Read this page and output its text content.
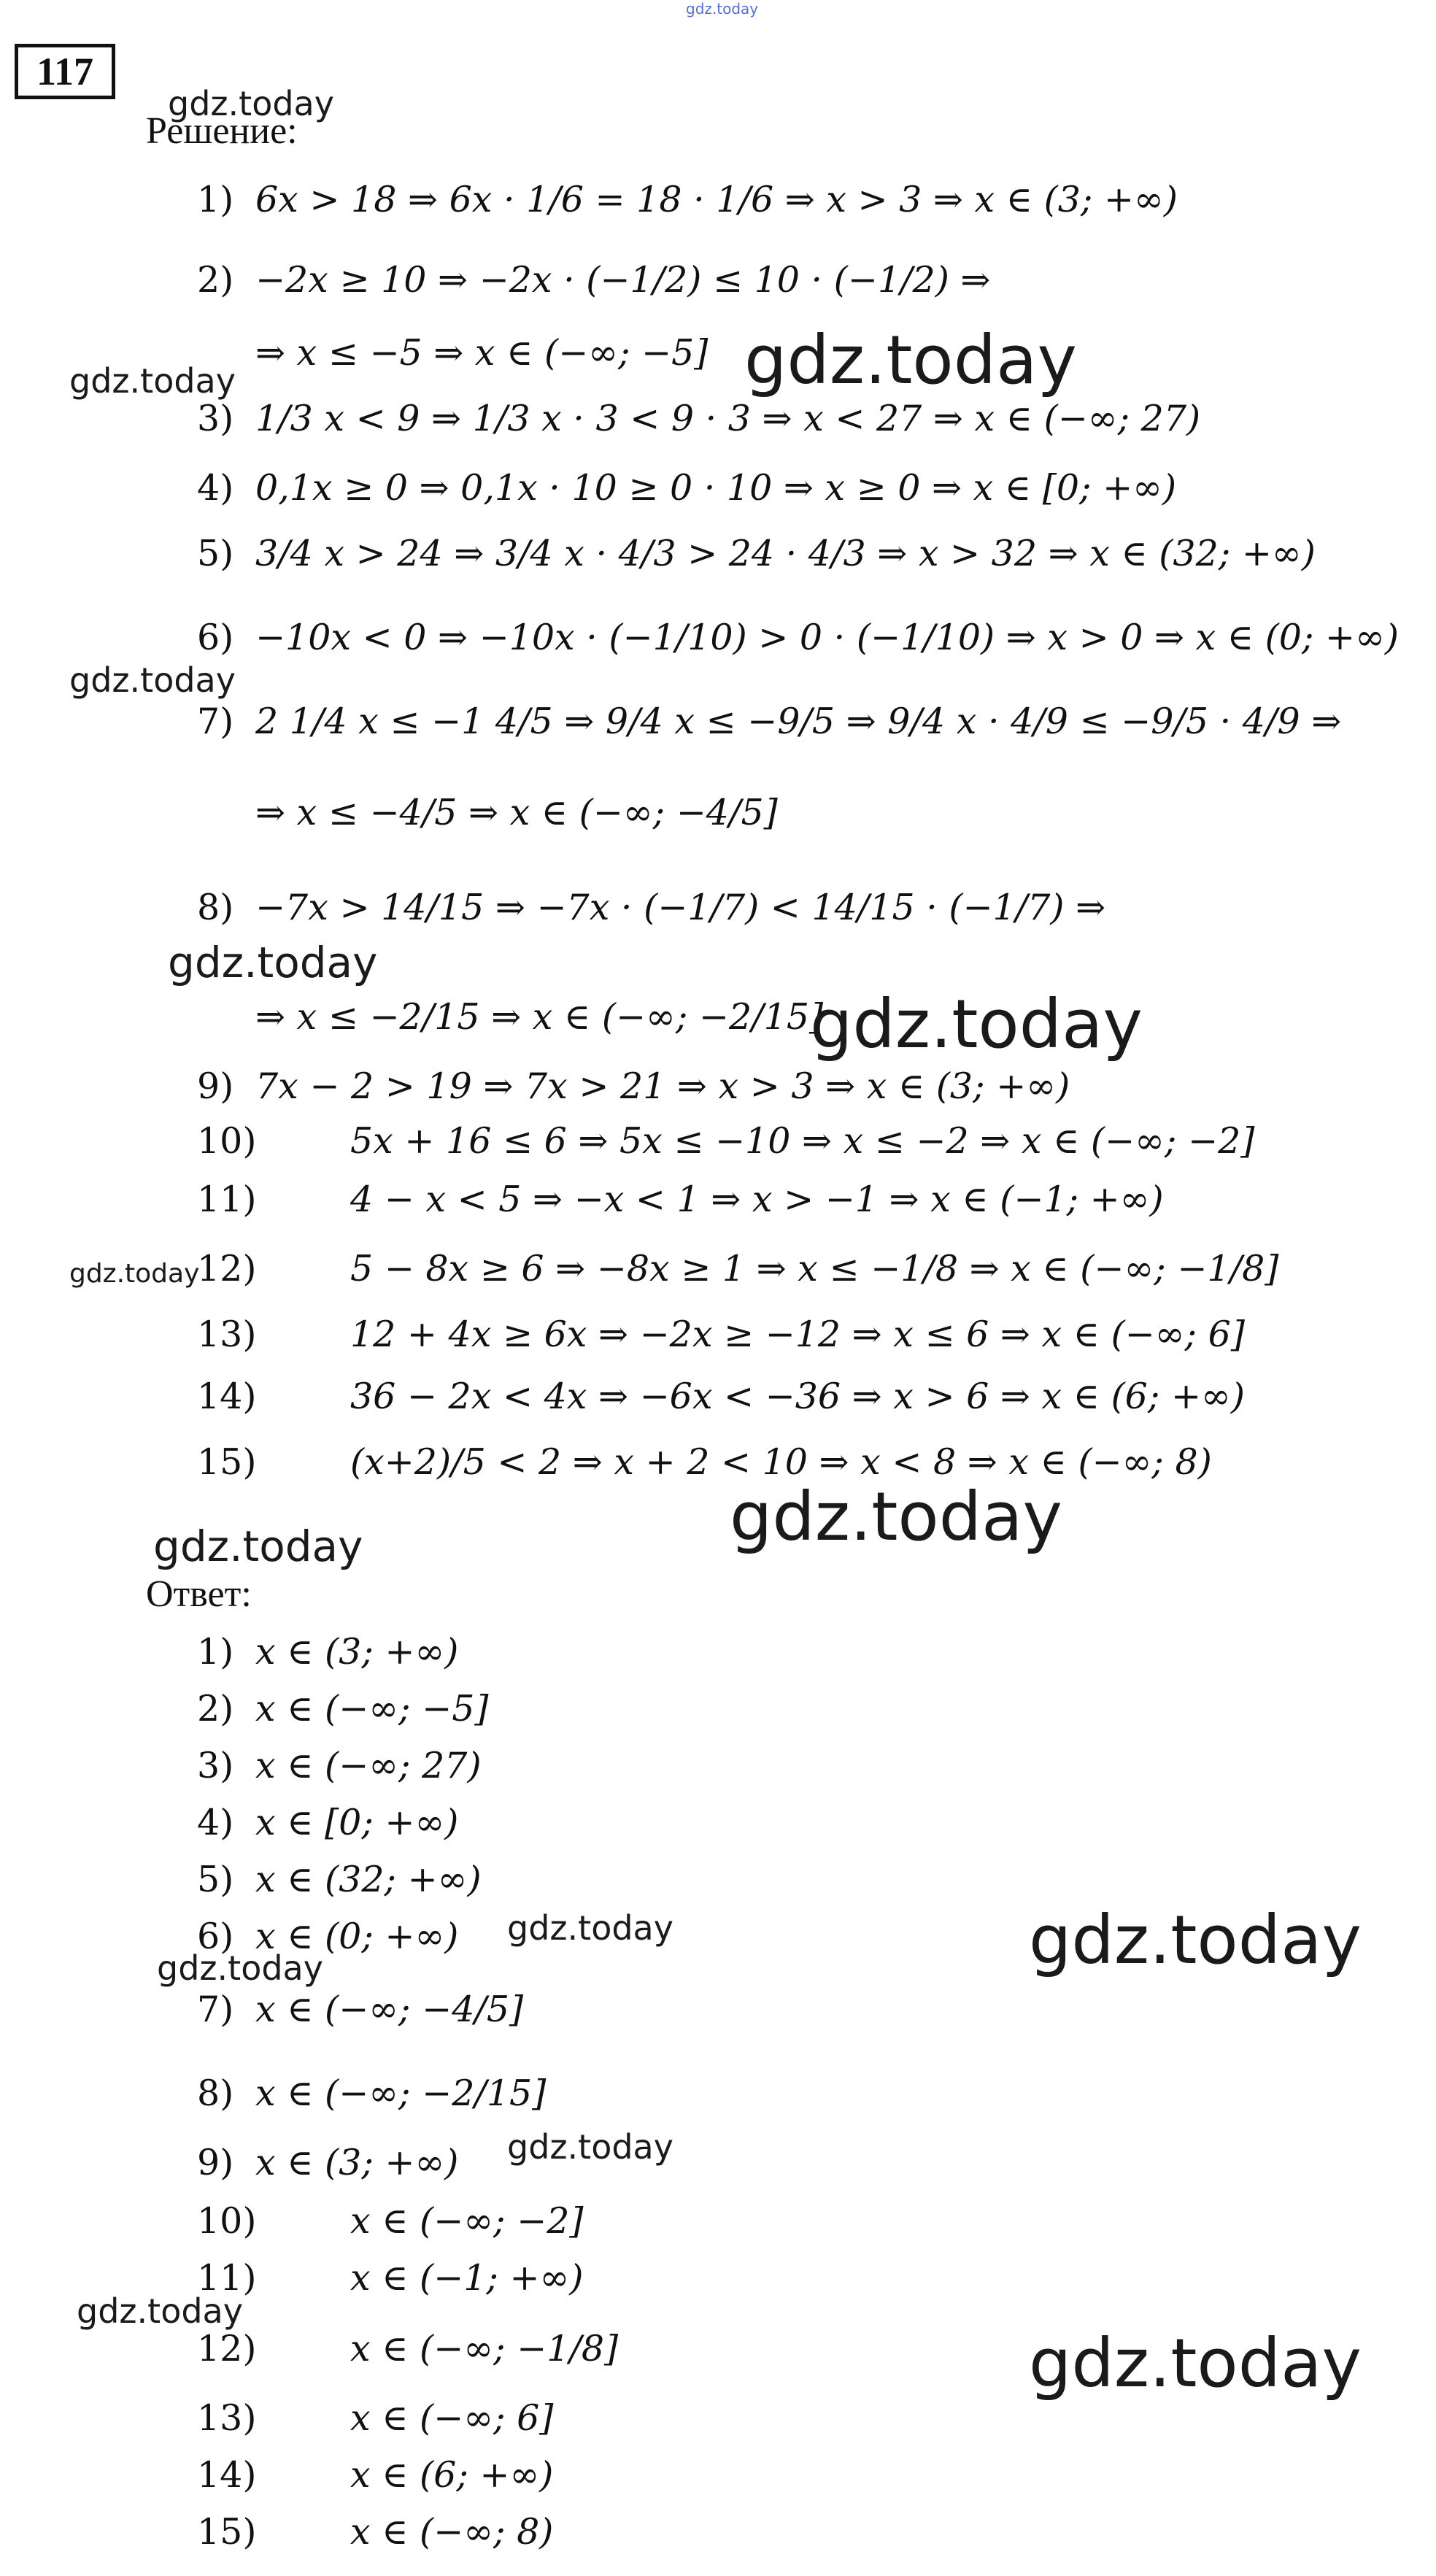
gdz.today
117
Решение:
1) 6x > 18 ⇒ 6x · 1/6 = 18 · 1/6 ⇒ x > 3 ⇒ x ∈ (3; +∞)
2) −2x ≥ 10 ⇒ −2x · (−1/2) ≤ 10 · (−1/2) ⇒
⇒ x ≤ −5 ⇒ x ∈ (−∞; −5]
3) 1/3 x < 9 ⇒ 1/3 x · 3 < 9 · 3 ⇒ x < 27 ⇒ x ∈ (−∞; 27)
4) 0,1x ≥ 0 ⇒ 0,1x · 10 ≥ 0 · 10 ⇒ x ≥ 0 ⇒ x ∈ [0; +∞)
5) 3/4 x > 24 ⇒ 3/4 x · 4/3 > 24 · 4/3 ⇒ x > 32 ⇒ x ∈ (32; +∞)
6) −10x < 0 ⇒ −10x · (−1/10) > 0 · (−1/10) ⇒ x > 0 ⇒ x ∈ (0; +∞)
7) 2 1/4 x ≤ −1 4/5 ⇒ 9/4 x ≤ −9/5 ⇒ 9/4 x · 4/9 ≤ −9/5 · 4/9 ⇒
⇒ x ≤ −4/5 ⇒ x ∈ (−∞; −4/5]
8) −7x > 14/15 ⇒ −7x · (−1/7) < 14/15 · (−1/7) ⇒
⇒ x ≤ −2/15 ⇒ x ∈ (−∞; −2/15]
9) 7x − 2 > 19 ⇒ 7x > 21 ⇒ x > 3 ⇒ x ∈ (3; +∞)
10)	5x + 16 ≤ 6 ⇒ 5x ≤ −10 ⇒ x ≤ −2 ⇒ x ∈ (−∞; −2]
11)	4 − x < 5 ⇒ −x < 1 ⇒ x > −1 ⇒ x ∈ (−1; +∞)
12)	5 − 8x ≥ 6 ⇒ −8x ≥ 1 ⇒ x ≤ −1/8 ⇒ x ∈ (−∞; −1/8]
13)	12 + 4x ≥ 6x ⇒ −2x ≥ −12 ⇒ x ≤ 6 ⇒ x ∈ (−∞; 6]
14)	36 − 2x < 4x ⇒ −6x < −36 ⇒ x > 6 ⇒ x ∈ (6; +∞)
15)	(x+2)/5 < 2 ⇒ x + 2 < 10 ⇒ x < 8 ⇒ x ∈ (−∞; 8)
Ответ:
1) x ∈ (3; +∞)
2) x ∈ (−∞; −5]
3) x ∈ (−∞; 27)
4) x ∈ [0; +∞)
5) x ∈ (32; +∞)
6) x ∈ (0; +∞)
7) x ∈ (−∞; −4/5]
8) x ∈ (−∞; −2/15]
9) x ∈ (3; +∞)
10)	x ∈ (−∞; −2]
11)	x ∈ (−1; +∞)
12)	x ∈ (−∞; −1/8]
13)	x ∈ (−∞; 6]
14)	x ∈ (6; +∞)
15)	x ∈ (−∞; 8)
gdz.today
gdz.today	gdz.today
gdz.today
gdz.today
gdz.today
gdz.today
gdz.today
gdz.today
gdz.today
gdz.today	gdz.today
gdz.today
gdz.today
gdz.today
